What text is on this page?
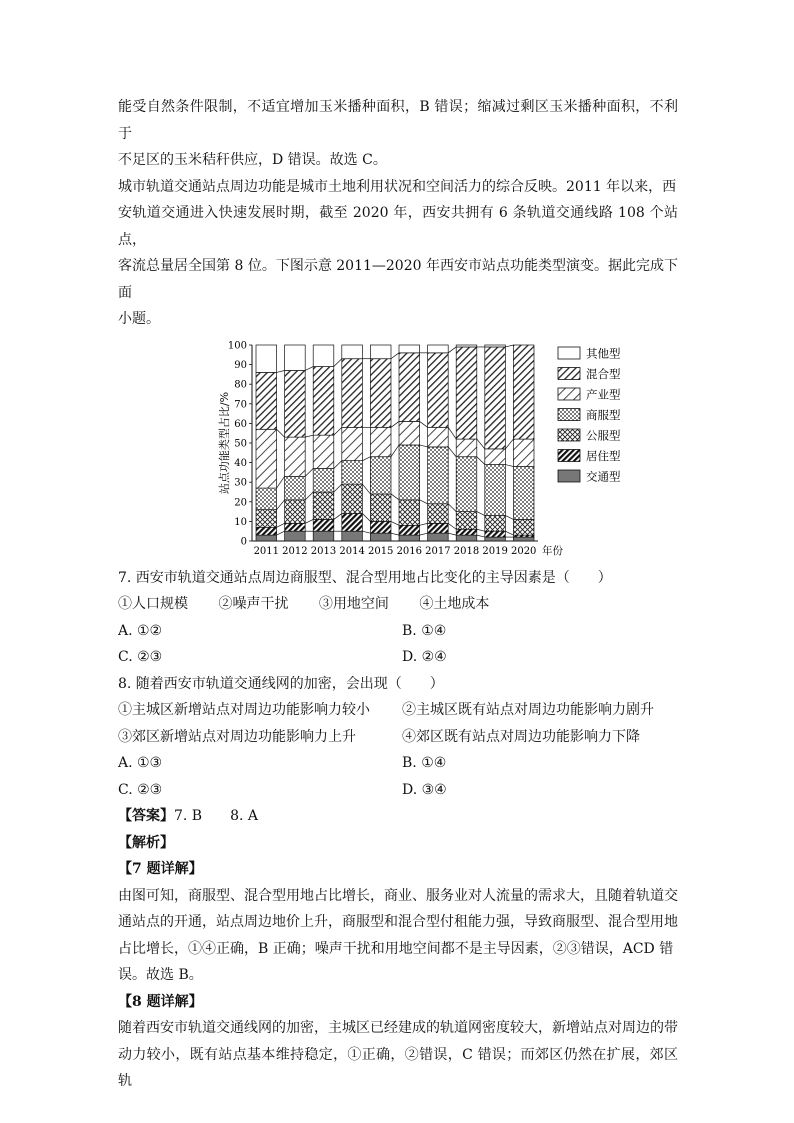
能受自然条件限制，不适宜增加玉米播种面积，B 错误；缩减过剩区玉米播种面积，不利于

不足区的玉米秸秆供应，D 错误。故选 C。

城市轨道交通站点周边功能是城市土地利用状况和空间活力的综合反映。2011 年以来，西

安轨道交通进入快速发展时期，截至 2020 年，西安共拥有 6 条轨道交通线路 108 个站点，

客流总量居全国第 8 位。下图示意 2011—2020 年西安市站点功能类型演变。据此完成下面

小题。

站点功能类型占比/%
0
10
20
30
40
50
60
70
80
90
100
2011 2012 2013 2014 2015 2016 2017 2018 2019 2020 年份
其他型
混合型
产业型
商服型
公服型
居住型
交通型

7. 西安市轨道交通站点周边商服型、混合型用地占比变化的主导因素是（　　）

①人口规模 ②噪声干扰 ③用地空间 ④土地成本
A. ①②	B. ①④
C. ②③	D. ②④

8. 随着西安市轨道交通线网的加密，会出现（　　）

①主城区新增站点对周边功能影响力较小	②主城区既有站点对周边功能影响力剧升
③郊区新增站点对周边功能影响力上升	④郊区既有站点对周边功能影响力下降
A. ①③	B. ①④
C. ②③	D. ③④

【答案】7. B　　8. A

【解析】

【7 题详解】

由图可知，商服型、混合型用地占比增长，商业、服务业对人流量的需求大，且随着轨道交

通站点的开通，站点周边地价上升，商服型和混合型付租能力强，导致商服型、混合型用地

占比增长，①④正确，B 正确；噪声干扰和用地空间都不是主导因素，②③错误，ACD 错

误。故选 B。

【8 题详解】

随着西安市轨道交通线网的加密，主城区已经建成的轨道网密度较大，新增站点对周边的带

动力较小，既有站点基本维持稳定，①正确，②错误，C 错误；而郊区仍然在扩展，郊区轨
